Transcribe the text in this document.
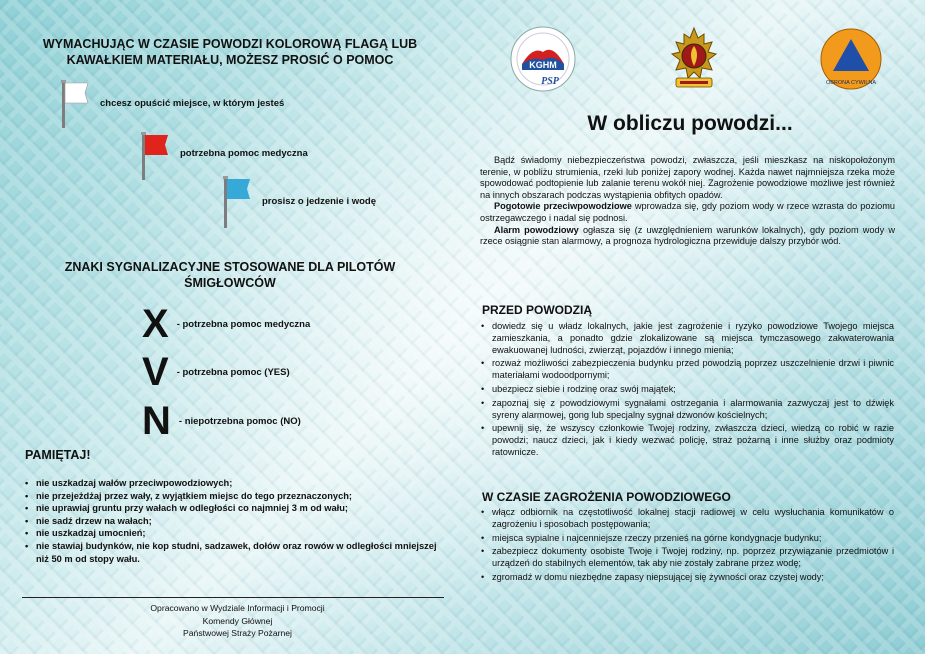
WYMACHUJĄC W CZASIE POWODZI KOLOROWĄ FLAGĄ LUB KAWAŁKIEM MATERIAŁU, MOŻESZ PROSIĆ O POMOC
chcesz opuścić miejsce, w którym jesteś
potrzebna pomoc medyczna
prosisz o jedzenie i wodę
ZNAKI SYGNALIZACYJNE STOSOWANE DLA PILOTÓW ŚMIGŁOWCÓW
X - potrzebna pomoc medyczna
V - potrzebna pomoc (YES)
N - niepotrzebna pomoc (NO)
PAMIĘTAJ!
• nie uszkadzaj wałów przeciwpowodziowych;
• nie przejeżdżaj przez wały, z wyjątkiem miejsc do tego przeznaczonych;
• nie uprawiaj gruntu przy wałach w odległości co najmniej 3 m od wału;
• nie sadź drzew na wałach;
• nie uszkadzaj umocnień;
• nie stawiaj budynków, nie kop studni, sadzawek, dołów oraz rowów w odległości mniejszej niż 50 m od stopy wału.
Opracowano w Wydziale Informacji i Promocji
Komendy Głównej
Państwowej Straży Pożarnej
KGHM
PSP	OBRONA CYWILNA
W obliczu powodzi...

Bądź świadomy niebezpieczeństwa powodzi, zwłaszcza, jeśli mieszkasz na niskopołożonym terenie, w pobliżu strumienia, rzeki lub poniżej zapory wodnej. Każda nawet najmniejsza rzeka może spowodować podtopienie lub zalanie terenu wokół niej. Zagrożenie powodziowe możliwe jest również na innych obszarach podczas wystąpienia obfitych opadów.

Pogotowie przeciwpowodziowe wprowadza się, gdy poziom wody w rzece wzrasta do poziomu ostrzegawczego i nadal się podnosi.

Alarm powodziowy ogłasza się (z uwzględnieniem warunków lokalnych), gdy poziom wody w rzece osiągnie stan alarmowy, a prognoza hydrologiczna przewiduje dalszy przybór wód.

PRZED POWODZIĄ
• dowiedz się u władz lokalnych, jakie jest zagrożenie i ryzyko powodziowe Twojego miejsca zamieszkania, a ponadto gdzie zlokalizowane są miejsca tymczasowego zakwaterowania ewakuowanej ludności, zwierząt, pojazdów i innego mienia;
• rozważ możliwości zabezpieczenia budynku przed powodzią poprzez uszczelnienie drzwi i piwnic materiałami wodoodpornymi;
• ubezpiecz siebie i rodzinę oraz swój majątek;
• zapoznaj się z powodziowymi sygnałami ostrzegania i alarmowania zazwyczaj jest to dźwięk syreny alarmowej, gong lub specjalny sygnał dzwonów kościelnych;
• upewnij się, że wszyscy członkowie Twojej rodziny, zwłaszcza dzieci, wiedzą co robić w razie powodzi; naucz dzieci, jak i kiedy wezwać policję, straż pożarną i inne służby oraz podmioty ratownicze.
W CZASIE ZAGROŻENIA POWODZIOWEGO
• włącz odbiornik na częstotliwość lokalnej stacji radiowej w celu wysłuchania komunikatów o zagrożeniu i sposobach postępowania;
• miejsca sypialne i najcenniejsze rzeczy przenieś na górne kondygnacje budynku;
• zabezpiecz dokumenty osobiste Twoje i Twojej rodziny, np. poprzez przywiązanie przedmiotów i urządzeń do stabilnych elementów, tak aby nie zostały zabrane przez wodę;
• zgromadź w domu niezbędne zapasy niepsującej się żywności oraz czystej wody;
